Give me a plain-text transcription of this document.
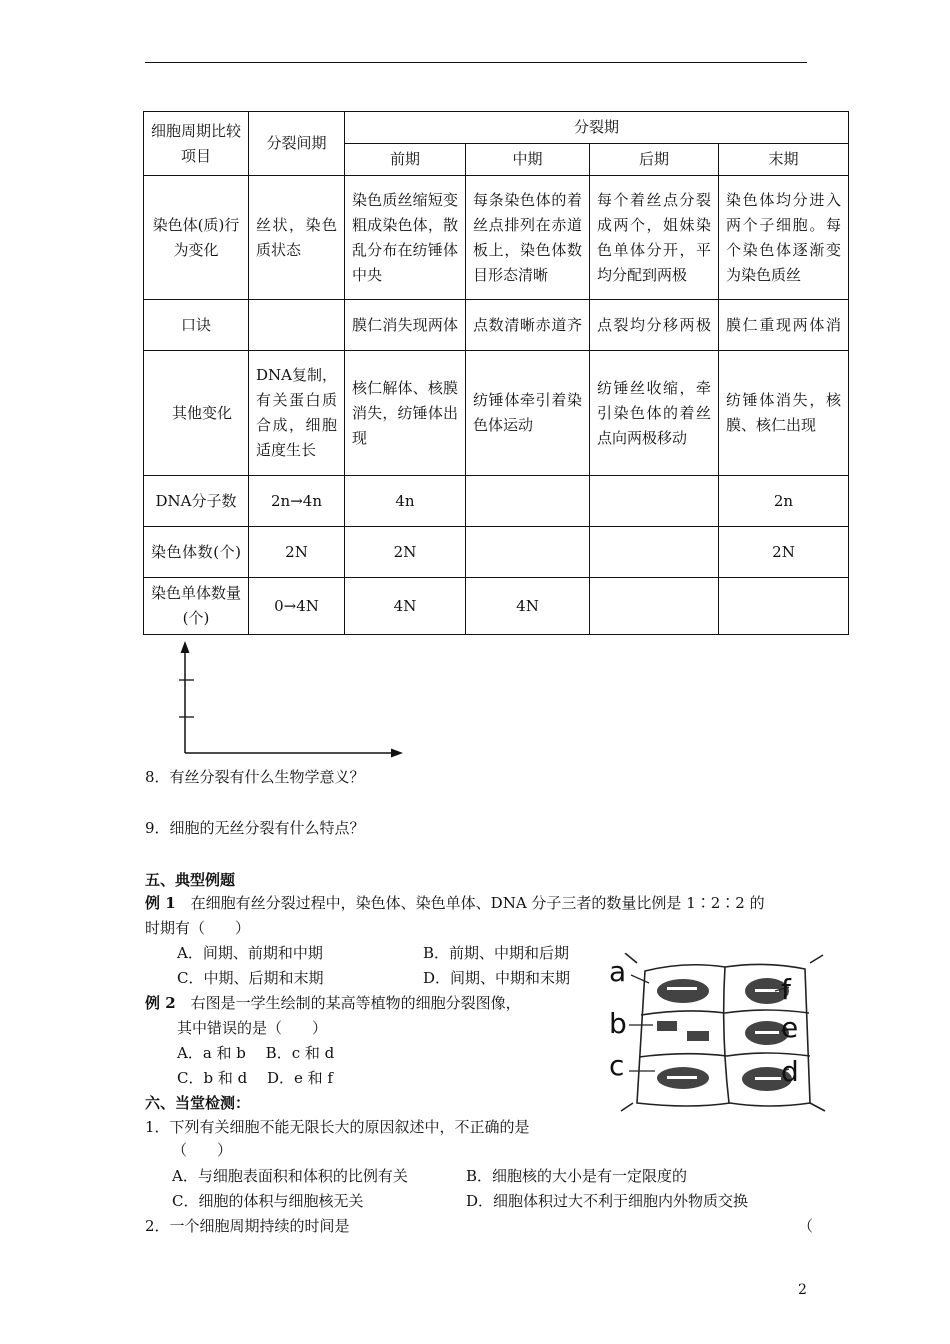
细胞周期比较项目	分裂间期	分裂期			
		前期	中期	后期	末期
染色体(质)行为变化	丝状，染色质状态	染色质丝缩短变粗成染色体，散乱分布在纺锤体中央	每条染色体的着丝点排列在赤道板上，染色体数目形态清晰	每个着丝点分裂成两个，姐妹染色单体分开，平均分配到两极	染色体均分进入两个子细胞。每个染色体逐渐变为染色质丝
口诀		膜仁消失现两体	点数清晰赤道齐	点裂均分移两极	膜仁重现两体消
其他变化	DNA复制，有关蛋白质合成，细胞适度生长	核仁解体、核膜消失，纺锤体出现	纺锤体牵引着染色体运动	纺锤丝收缩，牵引染色体的着丝点向两极移动	纺锤体消失，核膜、核仁出现
DNA分子数	2n→4n	4n			2n
染色体数(个)	2N	2N			2N
染色单体数量(个)	0→4N	4N	4N		

8．有丝分裂有什么生物学意义？

9．细胞的无丝分裂有什么特点？

五、典型例题

例 1　在细胞有丝分裂过程中，染色体、染色单体、DNA 分子三者的数量比例是 1∶2∶2 的

时期有（　　）

A．间期、前期和中期	B．前期、中期和后期

C．中期、后期和末期	D．间期、中期和末期

例 2　右图是一学生绘制的某高等植物的细胞分裂图像，

其中错误的是（　　）

A．a 和 b　 B．c 和 d

C．b 和 d　 D．e 和 f

a
b
c	d
e
f

六、当堂检测：

1．下列有关细胞不能无限长大的原因叙述中，不正确的是

（　　）

A．与细胞表面积和体积的比例有关	B．细胞核的大小是有一定限度的

C．细胞的体积与细胞核无关	D．细胞体积过大不利于细胞内外物质交换

2．一个细胞周期持续的时间是	（

2
